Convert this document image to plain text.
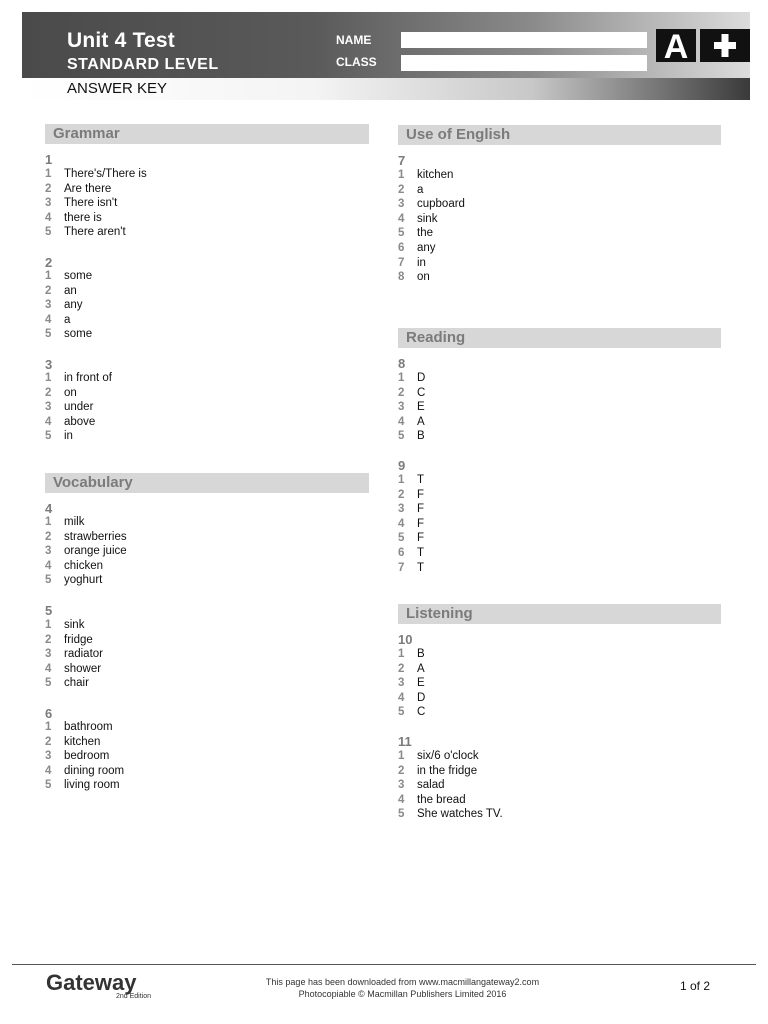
Unit 4 Test
STANDARD LEVEL
NAME
CLASS	A
ANSWER KEY
Grammar
1
1	There's/There is
2	Are there
3	There isn't
4	there is
5	There aren't
2
1	some
2	an
3	any
4	a
5	some
3
1	in front of
2	on
3	under
4	above
5	in
Vocabulary
4
1	milk
2	strawberries
3	orange juice
4	chicken
5	yoghurt
5
1	sink
2	fridge
3	radiator
4	shower
5	chair
6
1	bathroom
2	kitchen
3	bedroom
4	dining room
5	living room
Use of English
7
1	kitchen
2	a
3	cupboard
4	sink
5	the
6	any
7	in
8	on
Reading
8
1	D
2	C
3	E
4	A
5	B
9
1	T
2	F
3	F
4	F
5	F
6	T
7	T
Listening
10
1	B
2	A
3	E
4	D
5	C
11
1	six/6 o'clock
2	in the fridge
3	salad
4	the bread
5	She watches TV.
Gateway
2nd Edition
This page has been downloaded from www.macmillangateway2.com
Photocopiable © Macmillan Publishers Limited 2016
1 of 2
